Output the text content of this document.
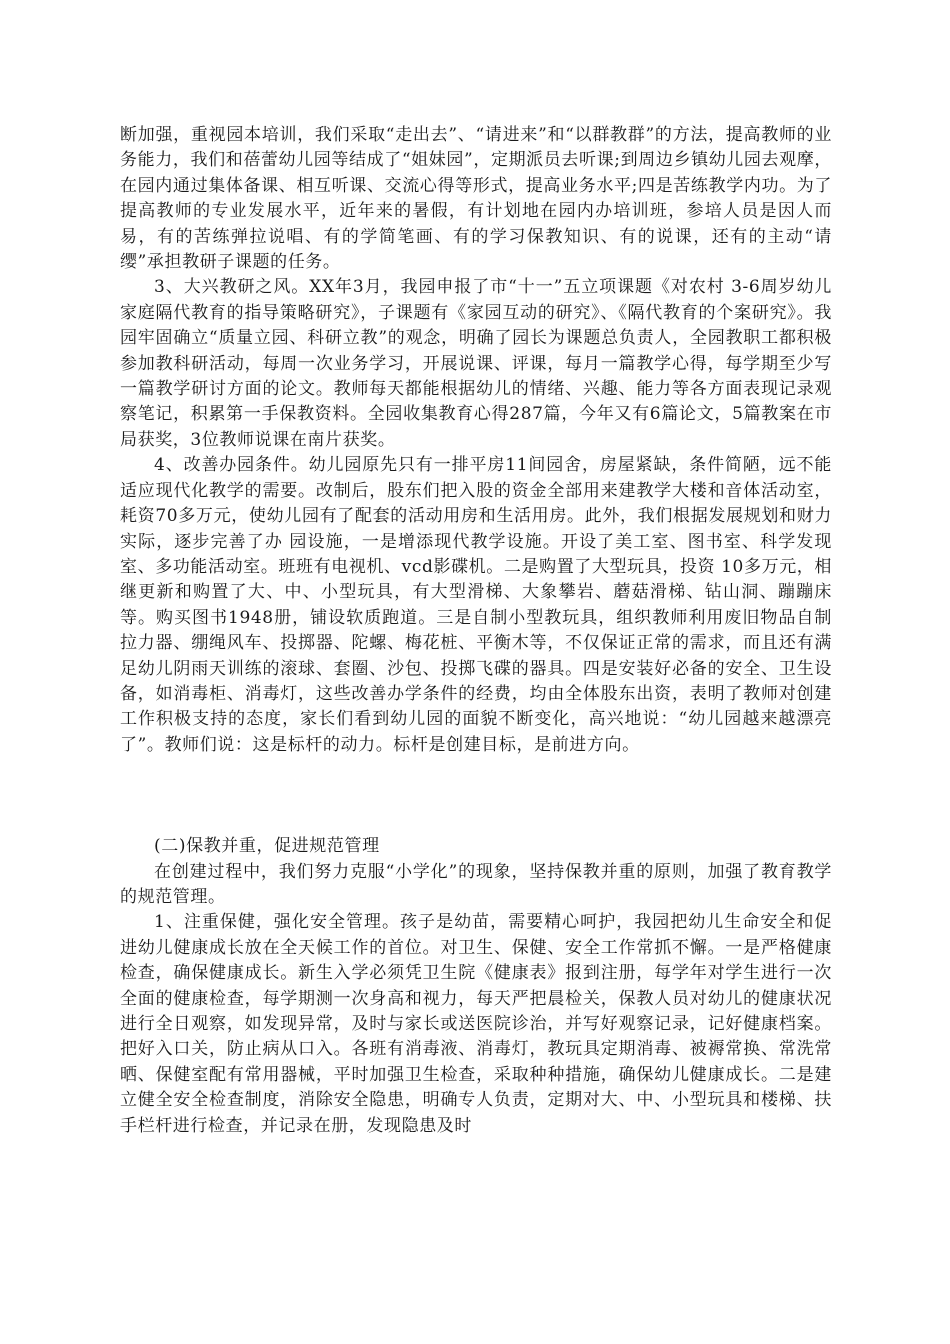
断加强，重视园本培训，我们采取“走出去”、“请进来”和“以群教群”的方法，提高教师的业务能力，我们和蓓蕾幼儿园等结成了“姐妹园”，定期派员去听课;到周边乡镇幼儿园去观摩，在园内通过集体备课、相互听课、交流心得等形式，提高业务水平;四是苦练教学内功。为了提高教师的专业发展水平，近年来的暑假，有计划地在园内办培训班，参培人员是因人而易，有的苦练弹拉说唱、有的学简笔画、有的学习保教知识、有的说课，还有的主动“请缨”承担教研子课题的任务。

3、大兴教研之风。XX年3月，我园申报了市“十一”五立项课题《对农村 3-6周岁幼儿家庭隔代教育的指导策略研究》，子课题有《家园互动的研究》、《隔代教育的个案研究》。我园牢固确立“质量立园、科研立教”的观念，明确了园长为课题总负责人，全园教职工都积极参加教科研活动，每周一次业务学习，开展说课、评课，每月一篇教学心得，每学期至少写一篇教学研讨方面的论文。教师每天都能根据幼儿的情绪、兴趣、能力等各方面表现记录观察笔记，积累第一手保教资料。全园收集教育心得287篇，今年又有6篇论文，5篇教案在市局获奖，3位教师说课在南片获奖。

4、改善办园条件。幼儿园原先只有一排平房11间园舍，房屋紧缺，条件简陋，远不能适应现代化教学的需要。改制后，股东们把入股的资金全部用来建教学大楼和音体活动室，耗资70多万元，使幼儿园有了配套的活动用房和生活用房。此外，我们根据发展规划和财力实际，逐步完善了办 园设施，一是增添现代教学设施。开设了美工室、图书室、科学发现室、多功能活动室。班班有电视机、vcd影碟机。二是购置了大型玩具，投资 10多万元，相继更新和购置了大、中、小型玩具，有大型滑梯、大象攀岩、蘑菇滑梯、钻山洞、蹦蹦床等。购买图书1948册，铺设软质跑道。三是自制小型教玩具，组织教师利用废旧物品自制拉力器、绷绳风车、投掷器、陀螺、梅花桩、平衡木等，不仅保证正常的需求，而且还有满足幼儿阴雨天训练的滚球、套圈、沙包、投掷飞碟的器具。四是安装好必备的安全、卫生设备，如消毒柜、消毒灯，这些改善办学条件的经费，均由全体股东出资，表明了教师对创建工作积极支持的态度，家长们看到幼儿园的面貌不断变化，高兴地说：“幼儿园越来越漂亮了”。教师们说：这是标杆的动力。标杆是创建目标，是前进方向。

(二)保教并重，促进规范管理

在创建过程中，我们努力克服“小学化”的现象，坚持保教并重的原则，加强了教育教学的规范管理。

1、注重保健，强化安全管理。孩子是幼苗，需要精心呵护，我园把幼儿生命安全和促进幼儿健康成长放在全天候工作的首位。对卫生、保健、安全工作常抓不懈。一是严格健康检查，确保健康成长。新生入学必须凭卫生院《健康表》报到注册，每学年对学生进行一次全面的健康检查，每学期测一次身高和视力，每天严把晨检关，保教人员对幼儿的健康状况进行全日观察，如发现异常，及时与家长或送医院诊治，并写好观察记录，记好健康档案。把好入口关，防止病从口入。各班有消毒液、消毒灯，教玩具定期消毒、被褥常换、常洗常晒、保健室配有常用器械，平时加强卫生检查，采取种种措施，确保幼儿健康成长。二是建立健全安全检查制度，消除安全隐患，明确专人负责，定期对大、中、小型玩具和楼梯、扶手栏杆进行检查，并记录在册，发现隐患及时
